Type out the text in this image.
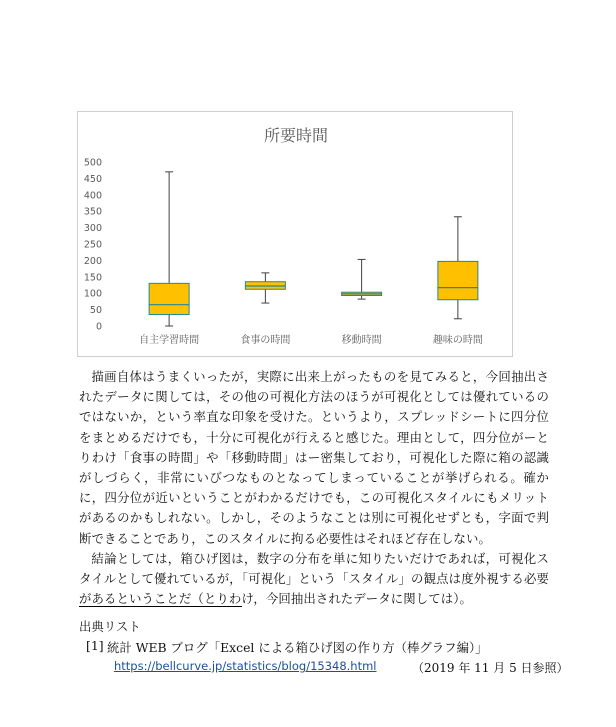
所要時間
0
50
100
150
200
250
300
350
400
450
500
自主学習時間	食事の時間	移動時間	趣味の時間

描画自体はうまくいったが，実際に出来上がったものを見てみると，今回抽出されたデータに関しては，その他の可視化方法のほうが可視化としては優れているのではないか，という率直な印象を受けた。というより，スプレッドシートに四分位をまとめるだけでも，十分に可視化が行えると感じた。理由として，四分位がーとりわけ「食事の時間」や「移動時間」はー密集しており，可視化した際に箱の認識がしづらく，非常にいびつなものとなってしまっていることが挙げられる。確かに，四分位が近いということがわかるだけでも，この可視化スタイルにもメリットがあるのかもしれない。しかし，そのようなことは別に可視化せずとも，字面で判断できることであり，このスタイルに拘る必要性はそれほど存在しない。

結論としては，箱ひげ図は，数字の分布を単に知りたいだけであれば，可視化スタイルとして優れているが，「可視化」という「スタイル」の観点は度外視する必要があるということだ（とりわけ，今回抽出されたデータに関しては）。

出典リスト
[1] 統計 WEB ブログ「Excel による箱ひげ図の作り方（棒グラフ編）」
https://bellcurve.jp/statistics/blog/15348.html	（2019 年 11 月 5 日参照）
